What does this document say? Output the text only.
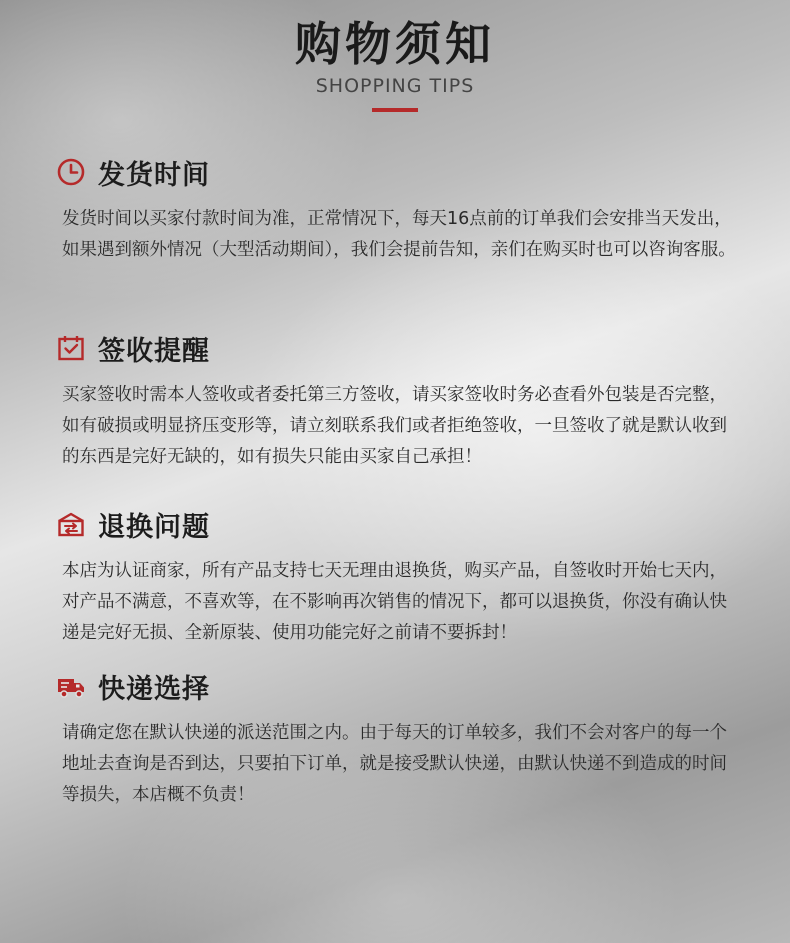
购物须知
SHOPPING TIPS
发货时间
发货时间以买家付款时间为准，正常情况下，每天16点前的订单我们会安排当天发出，如果遇到额外情况（大型活动期间），我们会提前告知，亲们在购买时也可以咨询客服。
签收提醒
买家签收时需本人签收或者委托第三方签收，请买家签收时务必查看外包装是否完整，如有破损或明显挤压变形等，请立刻联系我们或者拒绝签收，一旦签收了就是默认收到的东西是完好无缺的，如有损失只能由买家自己承担！
退换问题
本店为认证商家，所有产品支持七天无理由退换货，购买产品，自签收时开始七天内，对产品不满意，不喜欢等，在不影响再次销售的情况下，都可以退换货，你没有确认快递是完好无损、全新原装、使用功能完好之前请不要拆封！
快递选择
请确定您在默认快递的派送范围之内。由于每天的订单较多，我们不会对客户的每一个地址去查询是否到达，只要拍下订单，就是接受默认快递，由默认快递不到造成的时间等损失，本店概不负责！
